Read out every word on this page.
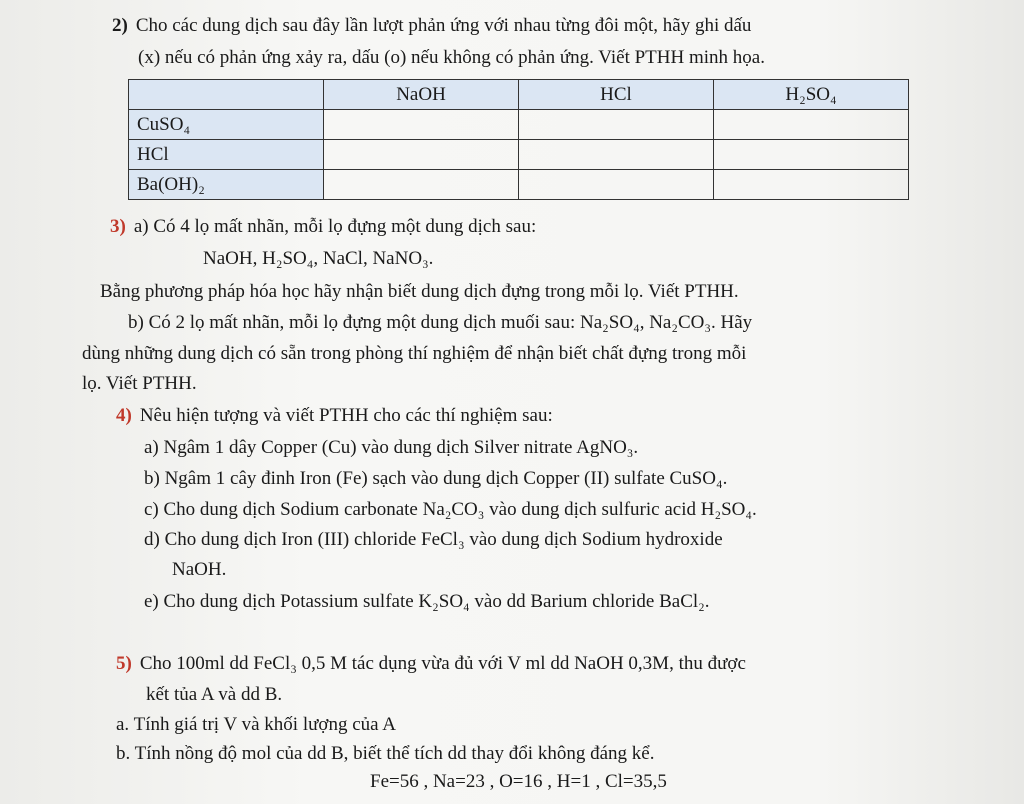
2) Cho các dung dịch sau đây lần lượt phản ứng với nhau từng đôi một, hãy ghi dấu
(x) nếu có phản ứng xảy ra, dấu (o) nếu không có phản ứng. Viết PTHH minh họa.
	NaOH	HCl	H₂SO₄
CuSO₄			
HCl			
Ba(OH)₂			
3) a) Có 4 lọ mất nhãn, mỗi lọ đựng một dung dịch sau:
NaOH, H₂SO₄, NaCl, NaNO₃.
Bằng phương pháp hóa học hãy nhận biết dung dịch đựng trong mỗi lọ. Viết PTHH.
b) Có 2 lọ mất nhãn, mỗi lọ đựng một dung dịch muối sau: Na₂SO₄, Na₂CO₃. Hãy
dùng những dung dịch có sẵn trong phòng thí nghiệm để nhận biết chất đựng trong mỗi
lọ. Viết PTHH.
4) Nêu hiện tượng và viết PTHH cho các thí nghiệm sau:
a) Ngâm 1 dây Copper (Cu) vào dung dịch Silver nitrate AgNO₃.
b) Ngâm 1 cây đinh Iron (Fe) sạch vào dung dịch Copper (II) sulfate CuSO₄.
c) Cho dung dịch Sodium carbonate Na₂CO₃ vào dung dịch sulfuric acid H₂SO₄.
d) Cho dung dịch Iron (III) chloride FeCl₃ vào dung dịch Sodium hydroxide
NaOH.
e) Cho dung dịch Potassium sulfate K₂SO₄ vào dd Barium chloride BaCl₂.
5) Cho 100ml dd FeCl₃ 0,5 M tác dụng vừa đủ với V ml dd NaOH 0,3M, thu được
kết tủa A và dd B.
a. Tính giá trị V và khối lượng của A
b. Tính nồng độ mol của dd B, biết thể tích dd thay đổi không đáng kể.
Fe=56 , Na=23 , O=16 , H=1 , Cl=35,5
